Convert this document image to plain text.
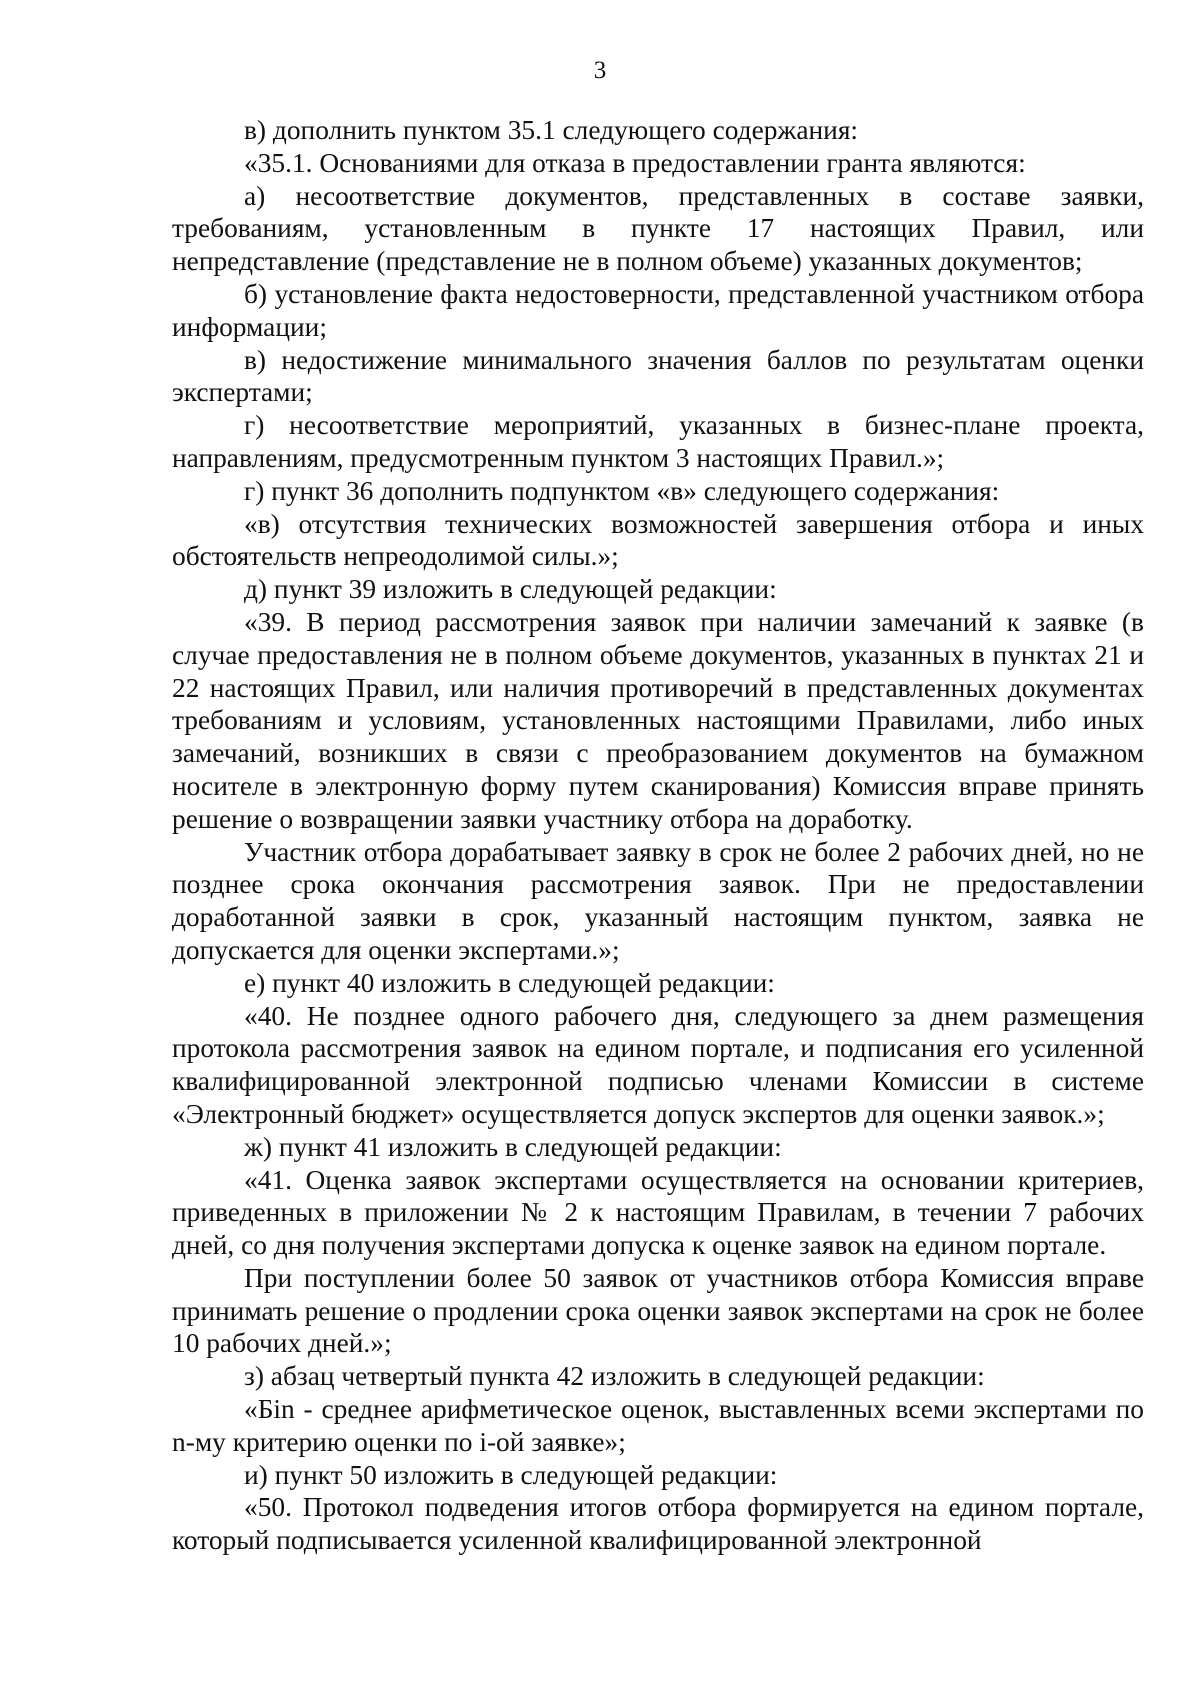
3

в) дополнить пунктом 35.1 следующего содержания:

«35.1. Основаниями для отказа в предоставлении гранта являются:

а) несоответствие документов, представленных в составе заявки, требованиям, установленным в пункте 17 настоящих Правил, или непредставление (представление не в полном объеме) указанных документов;

б) установление факта недостоверности, представленной участником отбора информации;

в) недостижение минимального значения баллов по результатам оценки экспертами;

г) несоответствие мероприятий, указанных в бизнес-плане проекта, направлениям, предусмотренным пунктом 3 настоящих Правил.»;

г) пункт 36 дополнить подпунктом «в» следующего содержания:

«в) отсутствия технических возможностей завершения отбора и иных обстоятельств непреодолимой силы.»;

д) пункт 39 изложить в следующей редакции:

«39. В период рассмотрения заявок при наличии замечаний к заявке (в случае предоставления не в полном объеме документов, указанных в пунктах 21 и 22 настоящих Правил, или наличия противоречий в представленных документах требованиям и условиям, установленных настоящими Правилами, либо иных замечаний, возникших в связи с преобразованием документов на бумажном носителе в электронную форму путем сканирования) Комиссия вправе принять решение о возвращении заявки участнику отбора на доработку.

Участник отбора дорабатывает заявку в срок не более 2 рабочих дней, но не позднее срока окончания рассмотрения заявок. При не предоставлении доработанной заявки в срок, указанный настоящим пунктом, заявка не допускается для оценки экспертами.»;

е) пункт 40 изложить в следующей редакции:

«40. Не позднее одного рабочего дня, следующего за днем размещения протокола рассмотрения заявок на едином портале, и подписания его усиленной квалифицированной электронной подписью членами Комиссии в системе «Электронный бюджет» осуществляется допуск экспертов для оценки заявок.»;

ж) пункт 41 изложить в следующей редакции:

«41. Оценка заявок экспертами осуществляется на основании критериев, приведенных в приложении № 2 к настоящим Правилам, в течении 7 рабочих дней, со дня получения экспертами допуска к оценке заявок на едином портале.

При поступлении более 50 заявок от участников отбора Комиссия вправе принимать решение о продлении срока оценки заявок экспертами на срок не более 10 рабочих дней.»;

з) абзац четвертый пункта 42 изложить в следующей редакции:

«Бin - среднее арифметическое оценок, выставленных всеми экспертами по n-му критерию оценки по i-ой заявке»;

и) пункт 50 изложить в следующей редакции:

«50. Протокол подведения итогов отбора формируется на едином портале, который подписывается усиленной квалифицированной электронной
